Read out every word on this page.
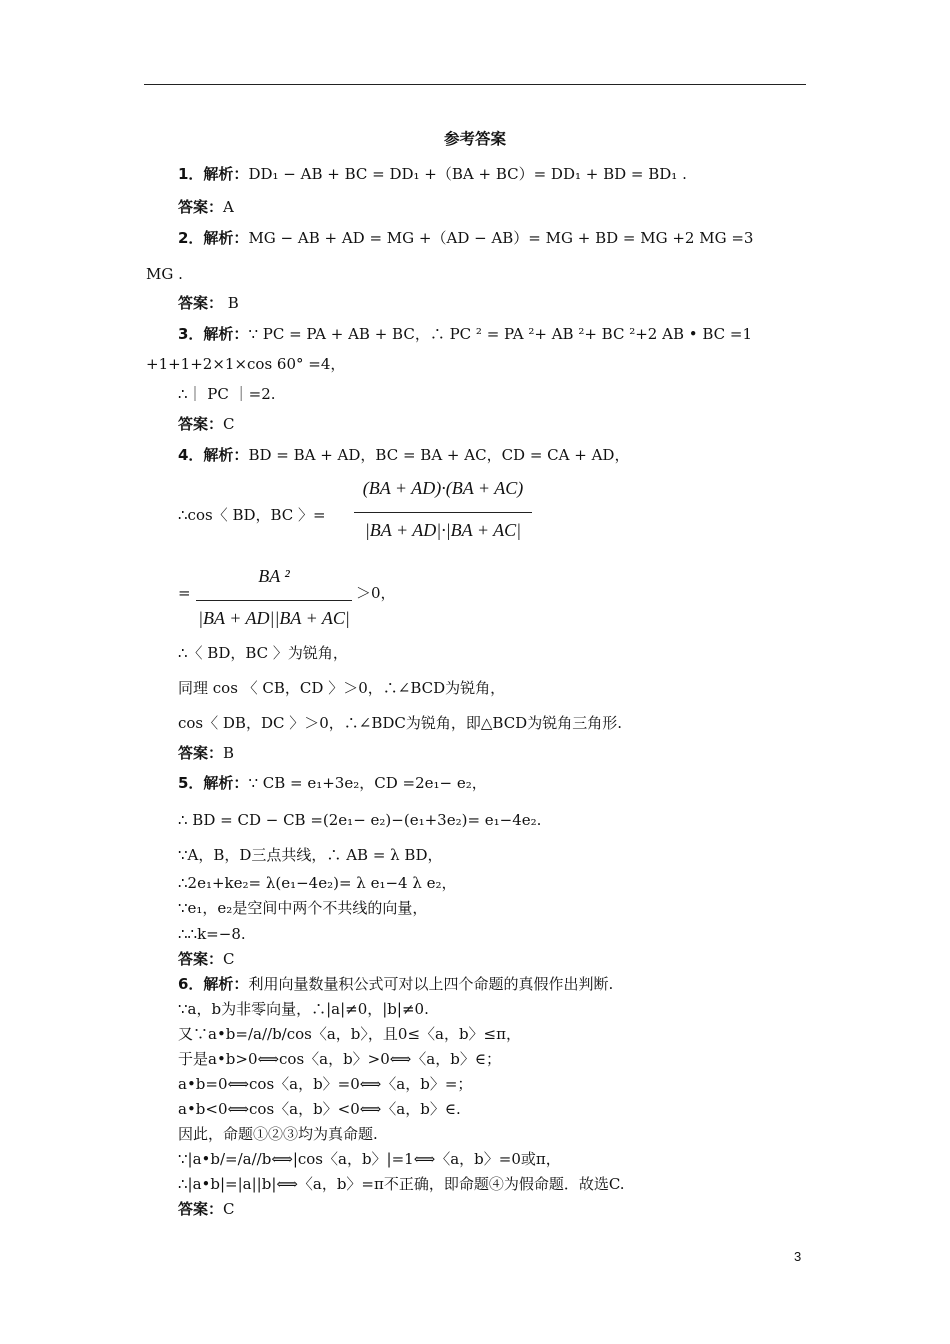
参考答案
1．解析：DD₁ − AB + BC = DD₁ +（BA + BC）= DD₁ + BD = BD₁ .
答案：A
2．解析：MG − AB + AD = MG +（AD − AB）= MG + BD = MG +2 MG =3
MG .
答案： B
3．解析：∵ PC = PA + AB + BC，∴ PC ² = PA ²+ AB ²+ BC ²+2 AB • BC =1
+1+1+2×1×cos 60° =4，
∴｜ PC ｜=2.
答案：C
4．解析：BD = BA + AD，BC = BA + AC，CD = CA + AD，
∴cos〈 BD，BC 〉=
=	＞0，
∴〈 BD，BC 〉为锐角，
同理 cos 〈 CB，CD 〉＞0，∴∠BCD为锐角，
cos〈 DB，DC 〉＞0，∴∠BDC为锐角，即△BCD为锐角三角形.
答案：B
5．解析：∵ CB = e₁+3e₂，CD =2e₁− e₂，
∴ BD = CD − CB =(2e₁− e₂)−(e₁+3e₂)= e₁−4e₂.
∵A，B，D三点共线，∴ AB = λ BD，
∴2e₁+ke₂= λ(e₁−4e₂)= λ e₁−4 λ e₂，
∵e₁，e₂是空间中两个不共线的向量，
∴∴k=−8.
答案：C
6．解析：利用向量数量积公式可对以上四个命题的真假作出判断.
∵a，b为非零向量，∴|a|≠0，|b|≠0.
又∵a•b=/a//b/cos〈a，b〉，且0≤〈a，b〉≤π，
于是a•b>0⟺cos〈a，b〉>0⟺〈a，b〉∈；
a•b=0⟺cos〈a，b〉=0⟺〈a，b〉=；
a•b<0⟺cos〈a，b〉<0⟺〈a，b〉∈.
因此，命题①②③均为真命题.
∵|a•b/=/a//b⟺|cos〈a，b〉|=1⟺〈a，b〉=0或π，
∴|a•b|=|a||b|⟺〈a，b〉=π不正确，即命题④为假命题．故选C.
答案：C
(BA + AD)·(BA + AC)
|BA + AD|·|BA + AC|
BA ²
|BA + AD||BA + AC|
3
